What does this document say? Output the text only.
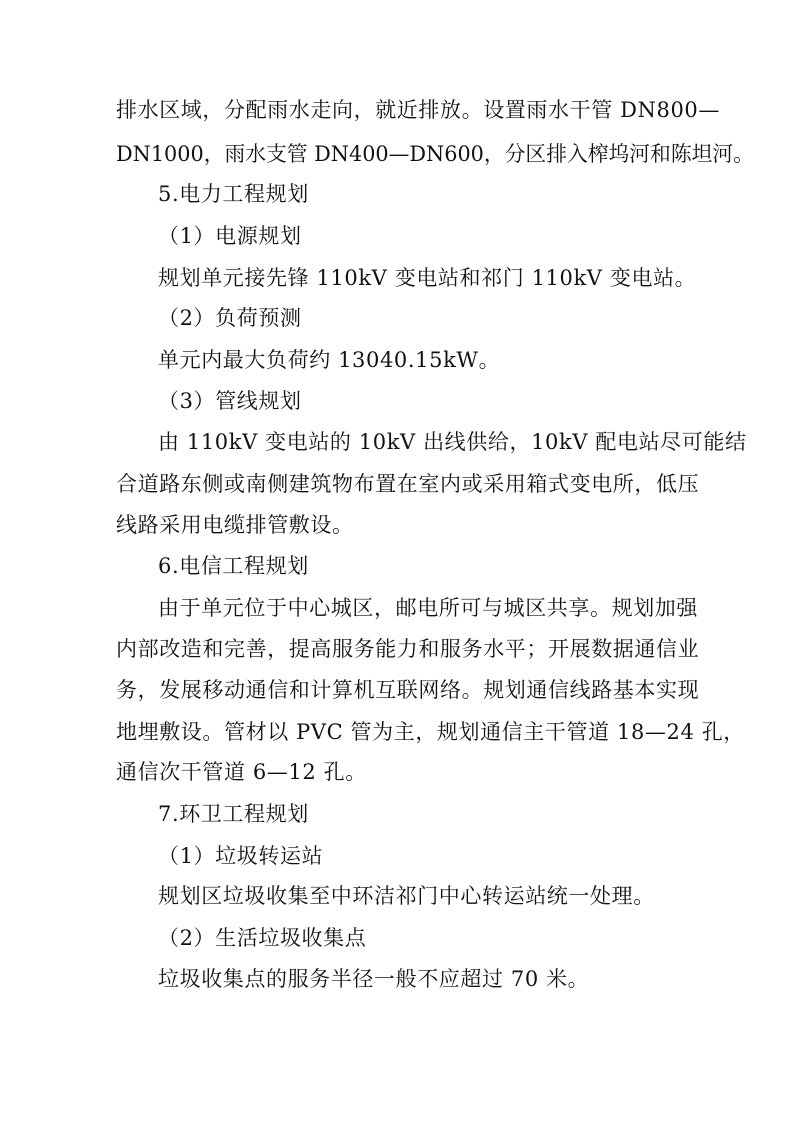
排水区域，分配雨水走向，就近排放。设置雨水干管 DN800—
DN1000，雨水支管 DN400—DN600，分区排入榨坞河和陈坦河。
5.电力工程规划
（1）电源规划
规划单元接先锋 110kV 变电站和祁门 110kV 变电站。
（2）负荷预测
单元内最大负荷约 13040.15kW。
（3）管线规划
由 110kV 变电站的 10kV 出线供给，10kV 配电站尽可能结
合道路东侧或南侧建筑物布置在室内或采用箱式变电所，低压
线路采用电缆排管敷设。
6.电信工程规划
由于单元位于中心城区，邮电所可与城区共享。规划加强
内部改造和完善，提高服务能力和服务水平；开展数据通信业
务，发展移动通信和计算机互联网络。规划通信线路基本实现
地埋敷设。管材以 PVC 管为主，规划通信主干管道 18—24 孔，
通信次干管道 6—12 孔。
7.环卫工程规划
（1）垃圾转运站
规划区垃圾收集至中环洁祁门中心转运站统一处理。
（2）生活垃圾收集点
垃圾收集点的服务半径一般不应超过 70 米。
